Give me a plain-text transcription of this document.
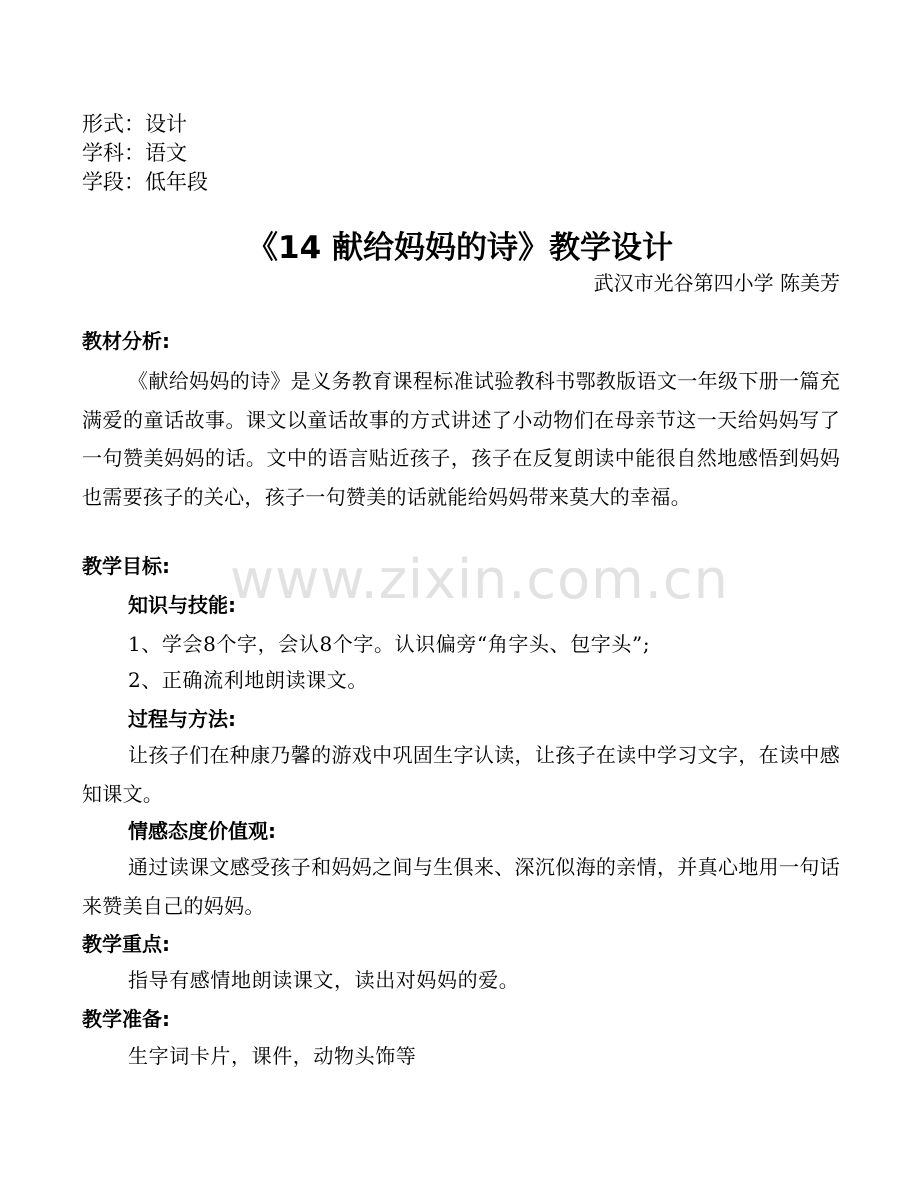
形式：设计
学科：语文
学段：低年段
《14 献给妈妈的诗》教学设计
武汉市光谷第四小学 陈美芳
教材分析:
《献给妈妈的诗》是义务教育课程标准试验教科书鄂教版语文一年级下册一篇充满爱的童话故事。课文以童话故事的方式讲述了小动物们在母亲节这一天给妈妈写了一句赞美妈妈的话。文中的语言贴近孩子，孩子在反复朗读中能很自然地感悟到妈妈也需要孩子的关心，孩子一句赞美的话就能给妈妈带来莫大的幸福。
教学目标:
知识与技能:
1、学会8个字，会认8个字。认识偏旁“角字头、包字头”;
2、正确流利地朗读课文。
过程与方法:
让孩子们在种康乃馨的游戏中巩固生字认读，让孩子在读中学习文字，在读中感知课文。
情感态度价值观:
通过读课文感受孩子和妈妈之间与生俱来、深沉似海的亲情，并真心地用一句话来赞美自己的妈妈。
教学重点:
指导有感情地朗读课文，读出对妈妈的爱。
教学准备:
生字词卡片，课件，动物头饰等
www.zixin.com.cn
